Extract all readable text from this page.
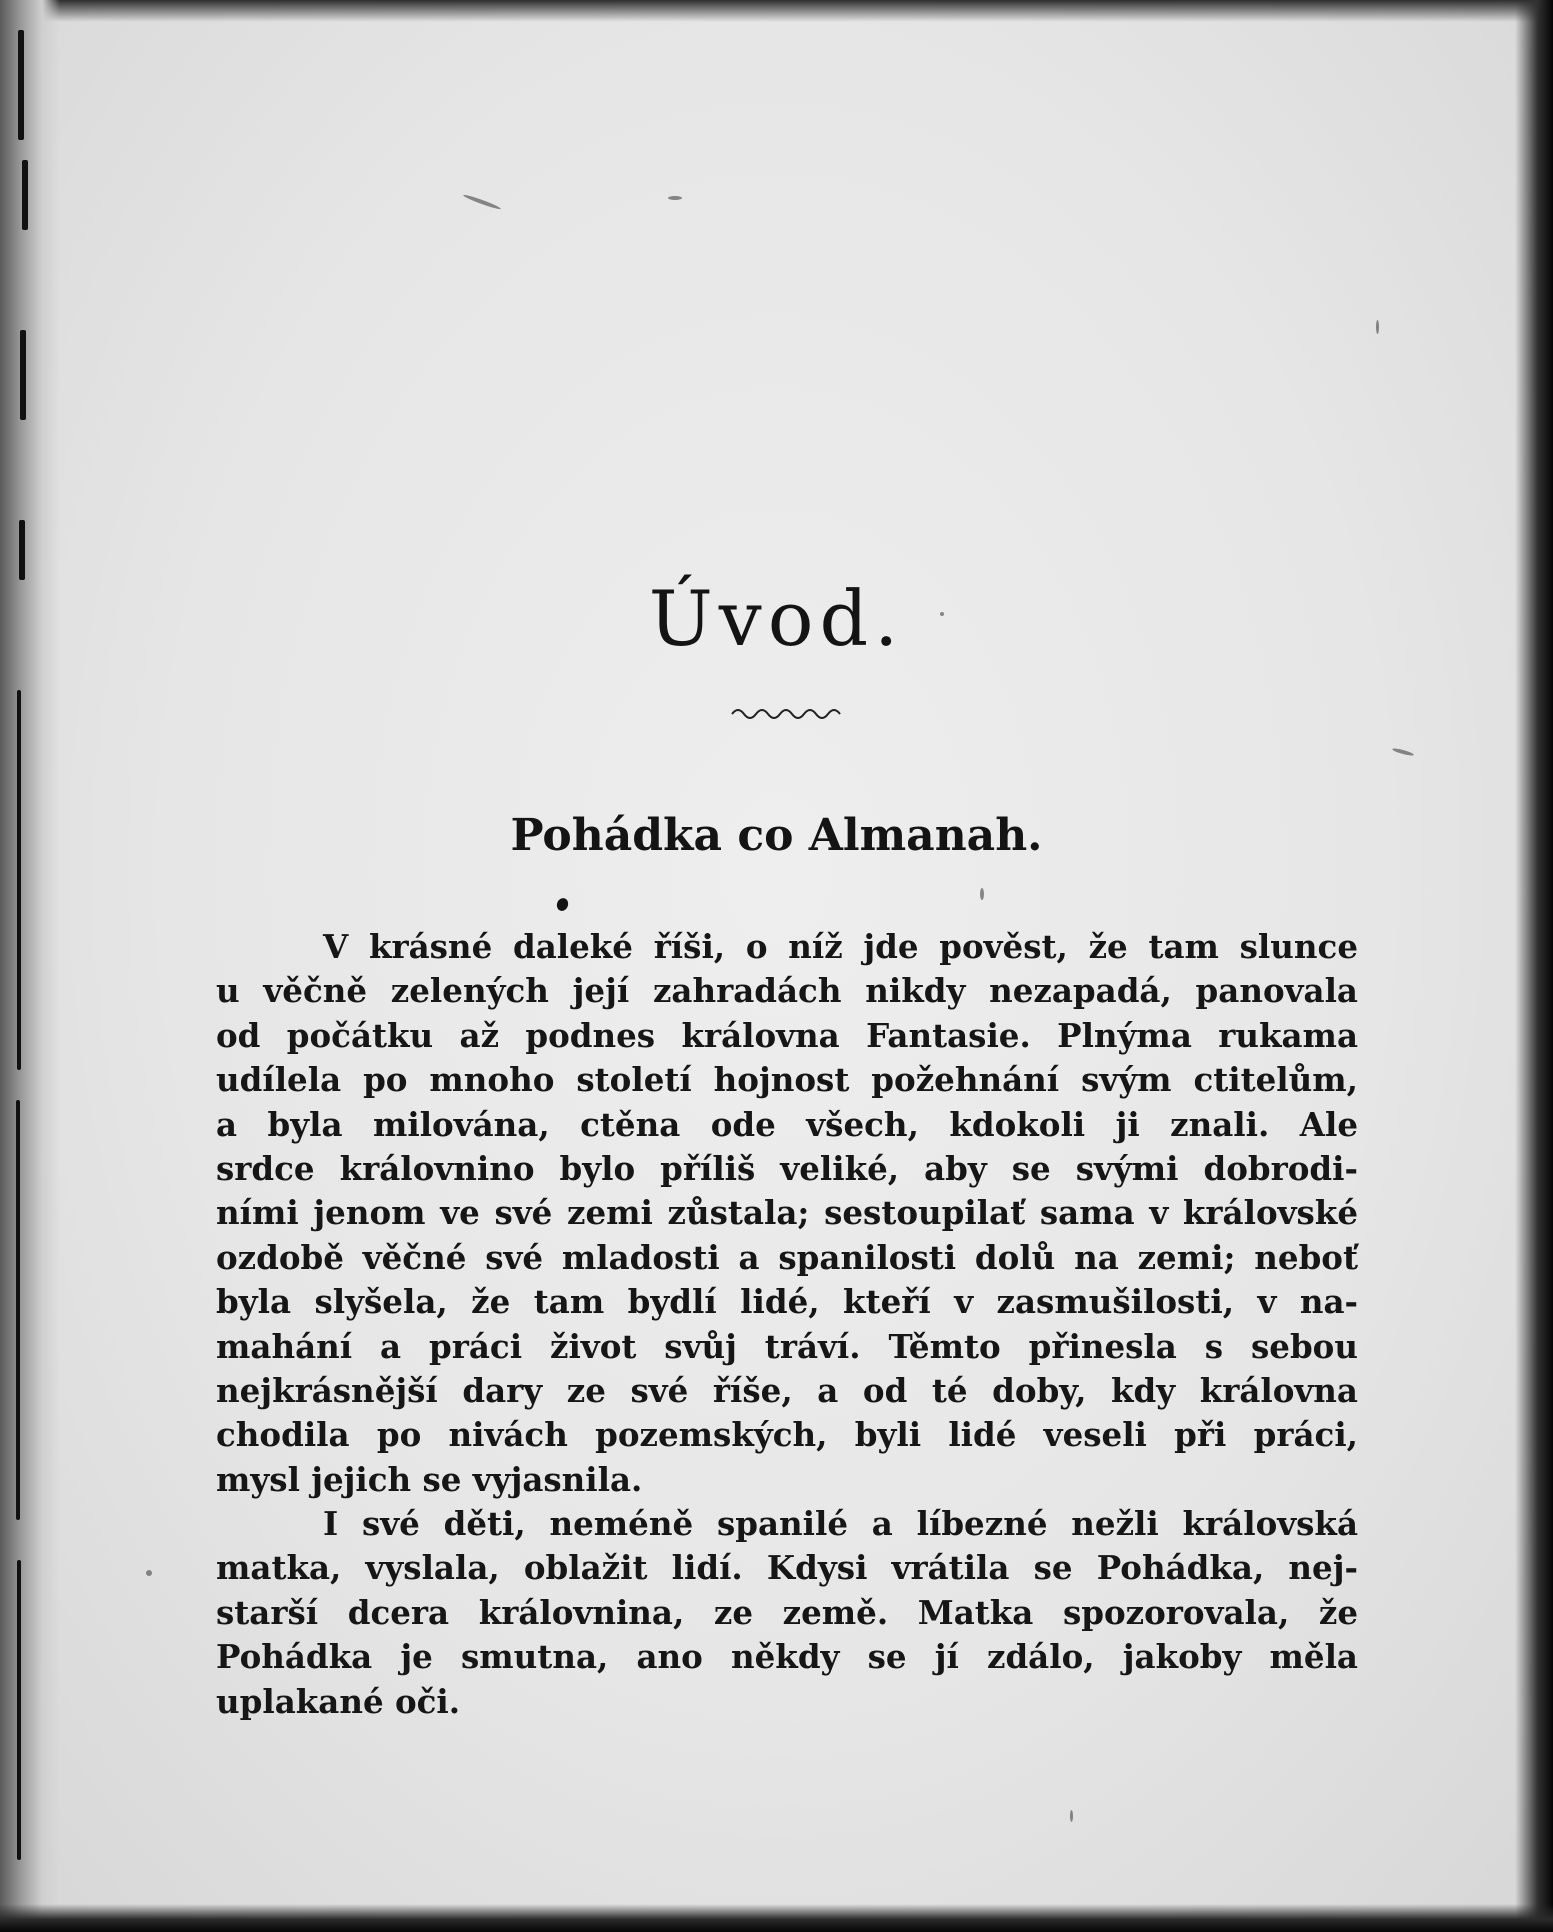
Úvod.
Pohádka co Almanah.
V krásné daleké říši, o níž jde pověst, že tam slunce
u věčně zelených její zahradách nikdy nezapadá, panovala
od počátku až podnes královna Fantasie. Plnýma rukama
udílela po mnoho století hojnost požehnání svým ctitelům,
a byla milována, ctěna ode všech, kdokoli ji znali. Ale
srdce královnino bylo příliš veliké, aby se svými dobrodi-
ními jenom ve své zemi zůstala; sestoupilať sama v královské
ozdobě věčné své mladosti a spanilosti dolů na zemi; neboť
byla slyšela, že tam bydlí lidé, kteří v zasmušilosti, v na-
mahání a práci život svůj tráví. Těmto přinesla s sebou
nejkrásnější dary ze své říše, a od té doby, kdy královna
chodila po nivách pozemských, byli lidé veseli při práci,
mysl jejich se vyjasnila.
I své děti, neméně spanilé a líbezné nežli královská
matka, vyslala, oblažit lidí. Kdysi vrátila se Pohádka, nej-
starší dcera královnina, ze země. Matka spozorovala, že
Pohádka je smutna, ano někdy se jí zdálo, jakoby měla
uplakané oči.
